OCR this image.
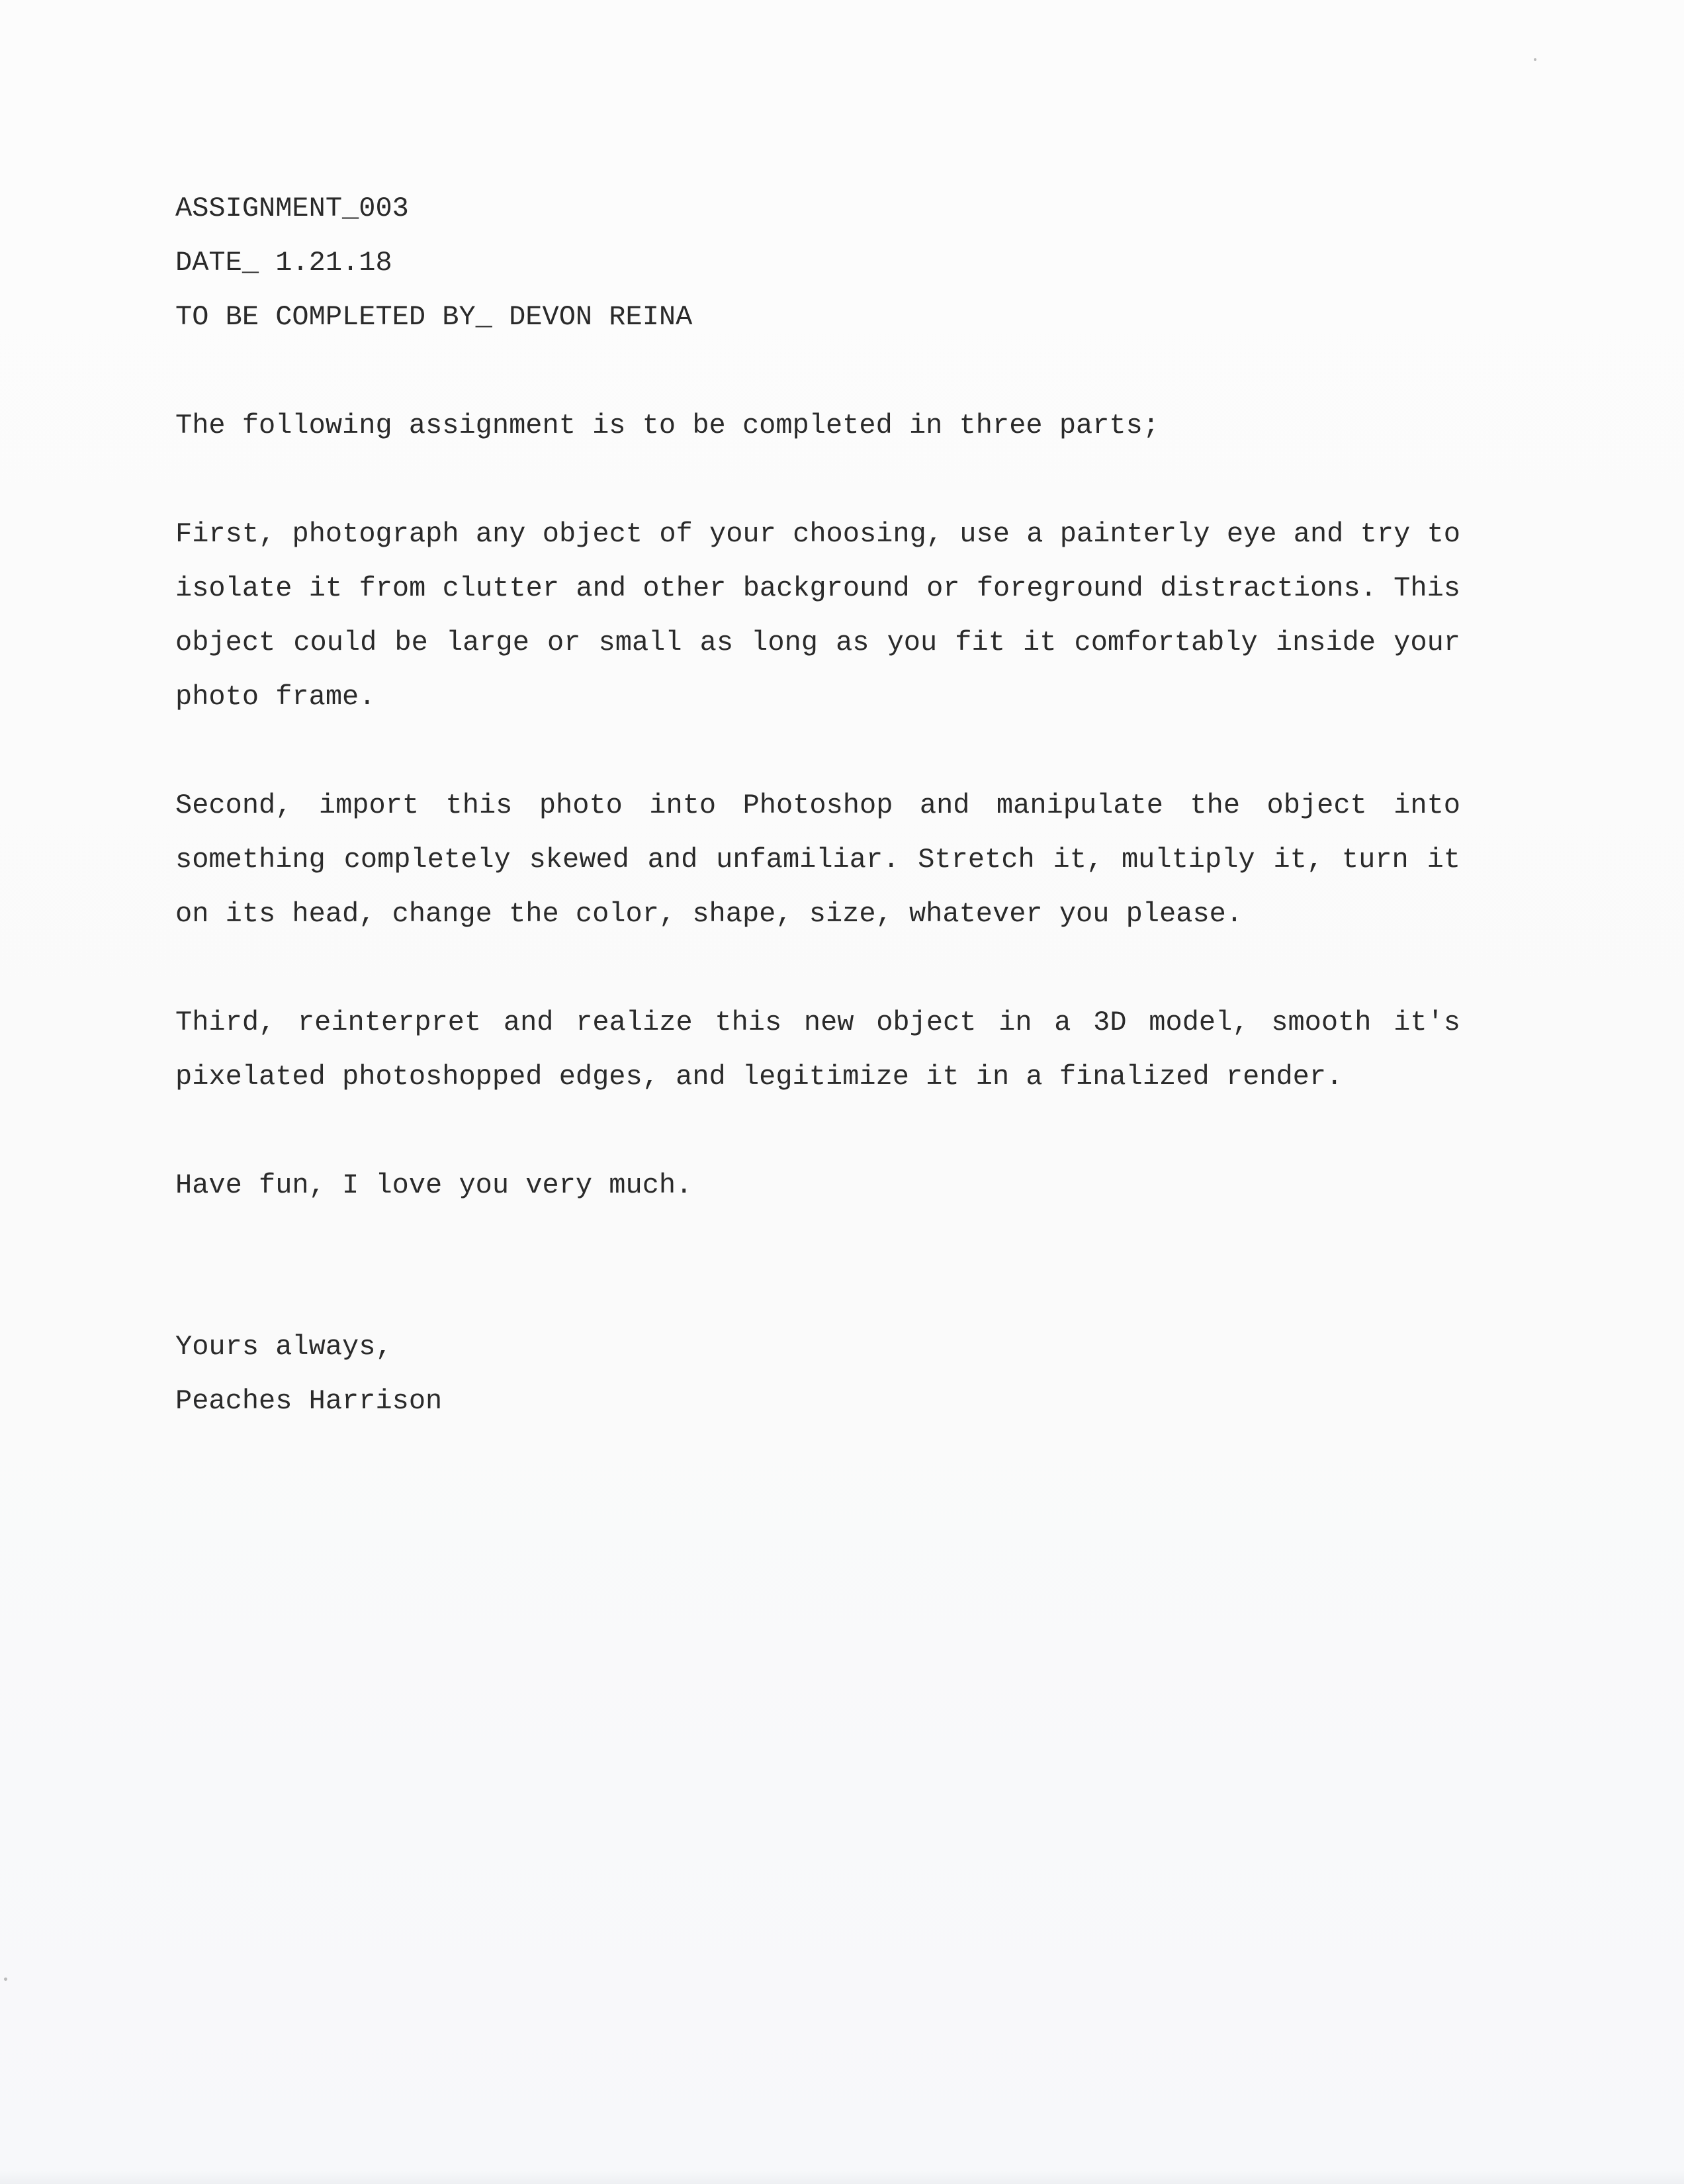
ASSIGNMENT_003
DATE_ 1.21.18
TO BE COMPLETED BY_ DEVON REINA
The following assignment is to be completed in three parts;
First, photograph any object of your choosing, use a painterly eye and try to isolate it from clutter and other background or foreground distractions. This object could be large or small as long as you fit it comfortably inside your photo frame.
Second, import this photo into Photoshop and manipulate the object into something completely skewed and unfamiliar. Stretch it, multiply it, turn it on its head, change the color, shape, size, whatever you please.
Third, reinterpret and realize this new object in a 3D model, smooth it's pixelated photoshopped edges, and legitimize it in a finalized render.
Have fun, I love you very much.
Yours always,
Peaches Harrison
